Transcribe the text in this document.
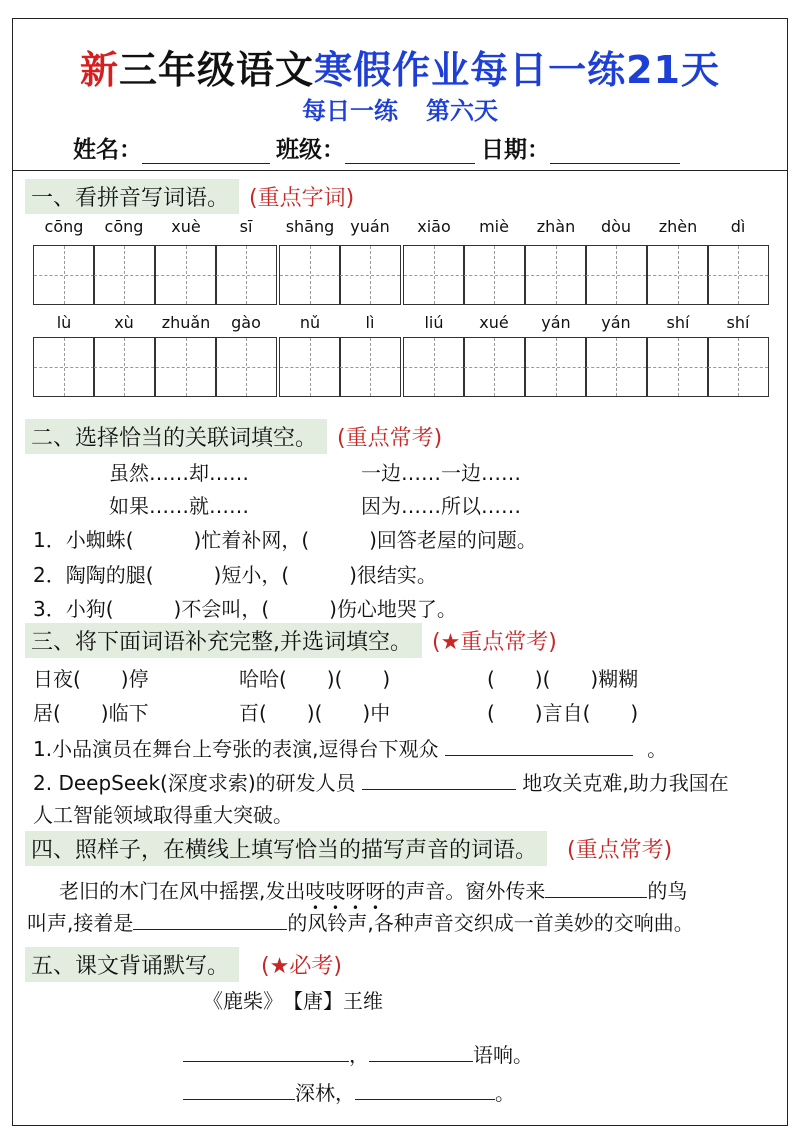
新三年级语文寒假作业每日一练21天
每日一练 第六天
姓名：	班级：	日期：
一、看拼音写词语。 (重点字词)
cōng	cōng	xuè	sī	shāng yuán	xiāo	miè	zhàn	dòu	zhèn	dì
lù	xù	zhuǎn	gào	nǔ	lì	liú	xué	yán	yán	shí	shí
二、选择恰当的关联词填空。 (重点常考)
虽然……却……	一边……一边……
如果……就……	因为……所以……
1．小蜘蛛(　　　)忙着补网，(　　　)回答老屋的问题。
2．陶陶的腿(　　　)短小，(　　　)很结实。
3．小狗(　　　)不会叫，(　　　)伤心地哭了。
三、将下面词语补充完整,并选词填空。 (★重点常考)
日夜(　　)停	哈哈(　　)(　　)	(　　)(　　)糊糊
居(　　)临下	百(　　)(　　)中	(　　)言自(　　)
1.小品演员在舞台上夸张的表演,逗得台下观众	。
2. DeepSeek(深度求索)的研发人员	地攻关克难,助力我国在
人工智能领域取得重大突破。
四、照样子，在横线上填写恰当的描写声音的词语。	(重点常考)
老旧的木门在风中摇摆,发出吱吱呀呀的声音。窗外传来	的鸟
叫声,接着是	的风铃声,各种声音交织成一首美妙的交响曲。
五、课文背诵默写。	(★必考)
《鹿柴》　【唐】王维
，	语响。
深林，	。
